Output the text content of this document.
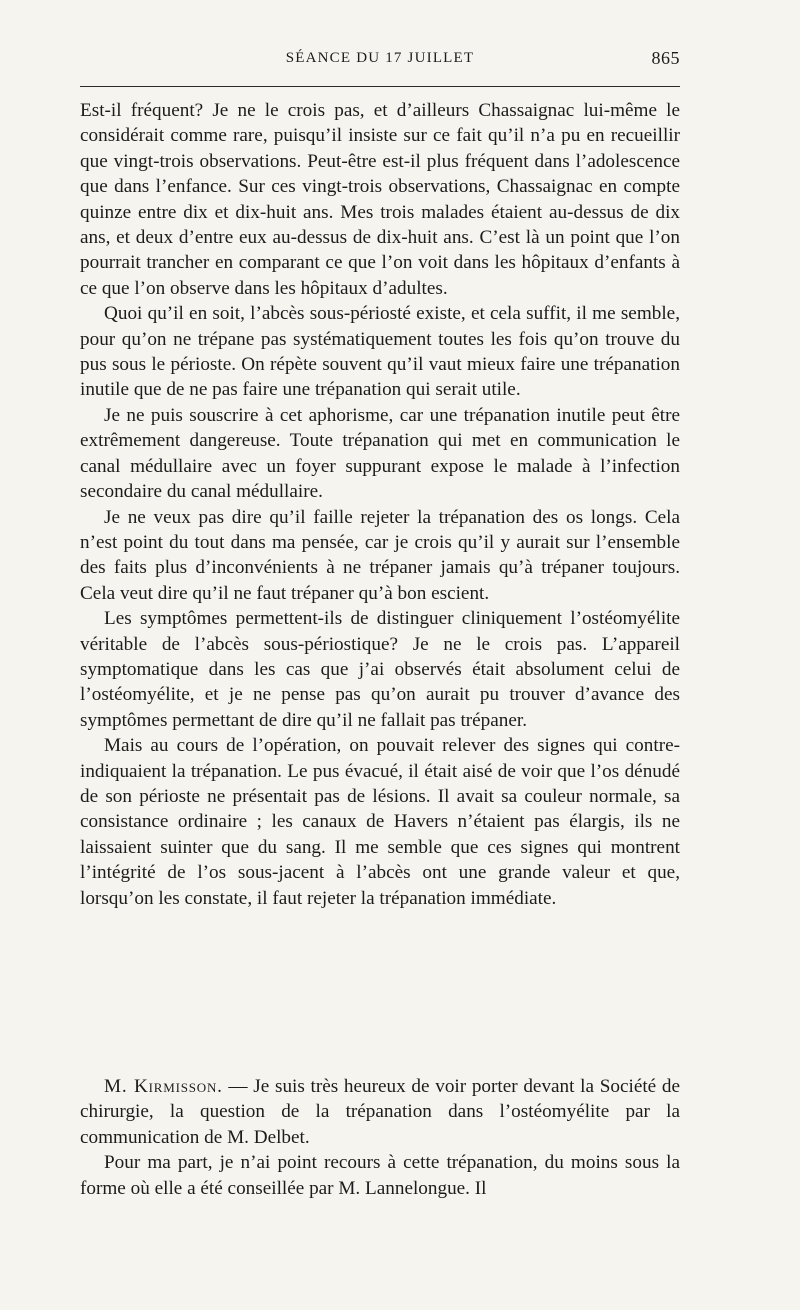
SÉANCE DU 17 JUILLET	865

Est-il fréquent? Je ne le crois pas, et d’ailleurs Chassaignac lui-même le considérait comme rare, puisqu’il insiste sur ce fait qu’il n’a pu en recueillir que vingt-trois observations. Peut-être est-il plus fréquent dans l’adolescence que dans l’enfance. Sur ces vingt-trois observations, Chassaignac en compte quinze entre dix et dix-huit ans. Mes trois malades étaient au-dessus de dix ans, et deux d’entre eux au-dessus de dix-huit ans. C’est là un point que l’on pourrait trancher en comparant ce que l’on voit dans les hôpitaux d’enfants à ce que l’on observe dans les hôpitaux d’adultes.

Quoi qu’il en soit, l’abcès sous-périosté existe, et cela suffit, il me semble, pour qu’on ne trépane pas systématiquement toutes les fois qu’on trouve du pus sous le périoste. On répète souvent qu’il vaut mieux faire une trépanation inutile que de ne pas faire une trépanation qui serait utile.

Je ne puis souscrire à cet aphorisme, car une trépanation inutile peut être extrêmement dangereuse. Toute trépanation qui met en communication le canal médullaire avec un foyer suppurant expose le malade à l’infection secondaire du canal médullaire.

Je ne veux pas dire qu’il faille rejeter la trépanation des os longs. Cela n’est point du tout dans ma pensée, car je crois qu’il y aurait sur l’ensemble des faits plus d’inconvénients à ne trépaner jamais qu’à trépaner toujours. Cela veut dire qu’il ne faut trépaner qu’à bon escient.

Les symptômes permettent-ils de distinguer cliniquement l’ostéomyélite véritable de l’abcès sous-périostique? Je ne le crois pas. L’appareil symptomatique dans les cas que j’ai observés était absolument celui de l’ostéomyélite, et je ne pense pas qu’on aurait pu trouver d’avance des symptômes permettant de dire qu’il ne fallait pas trépaner.

Mais au cours de l’opération, on pouvait relever des signes qui contre-indiquaient la trépanation. Le pus évacué, il était aisé de voir que l’os dénudé de son périoste ne présentait pas de lésions. Il avait sa couleur normale, sa consistance ordinaire ; les canaux de Havers n’étaient pas élargis, ils ne laissaient suinter que du sang. Il me semble que ces signes qui montrent l’intégrité de l’os sous-jacent à l’abcès ont une grande valeur et que, lorsqu’on les constate, il faut rejeter la trépanation immédiate.

M. Kirmisson. — Je suis très heureux de voir porter devant la Société de chirurgie, la question de la trépanation dans l’ostéomyélite par la communication de M. Delbet.

Pour ma part, je n’ai point recours à cette trépanation, du moins sous la forme où elle a été conseillée par M. Lannelongue. Il
